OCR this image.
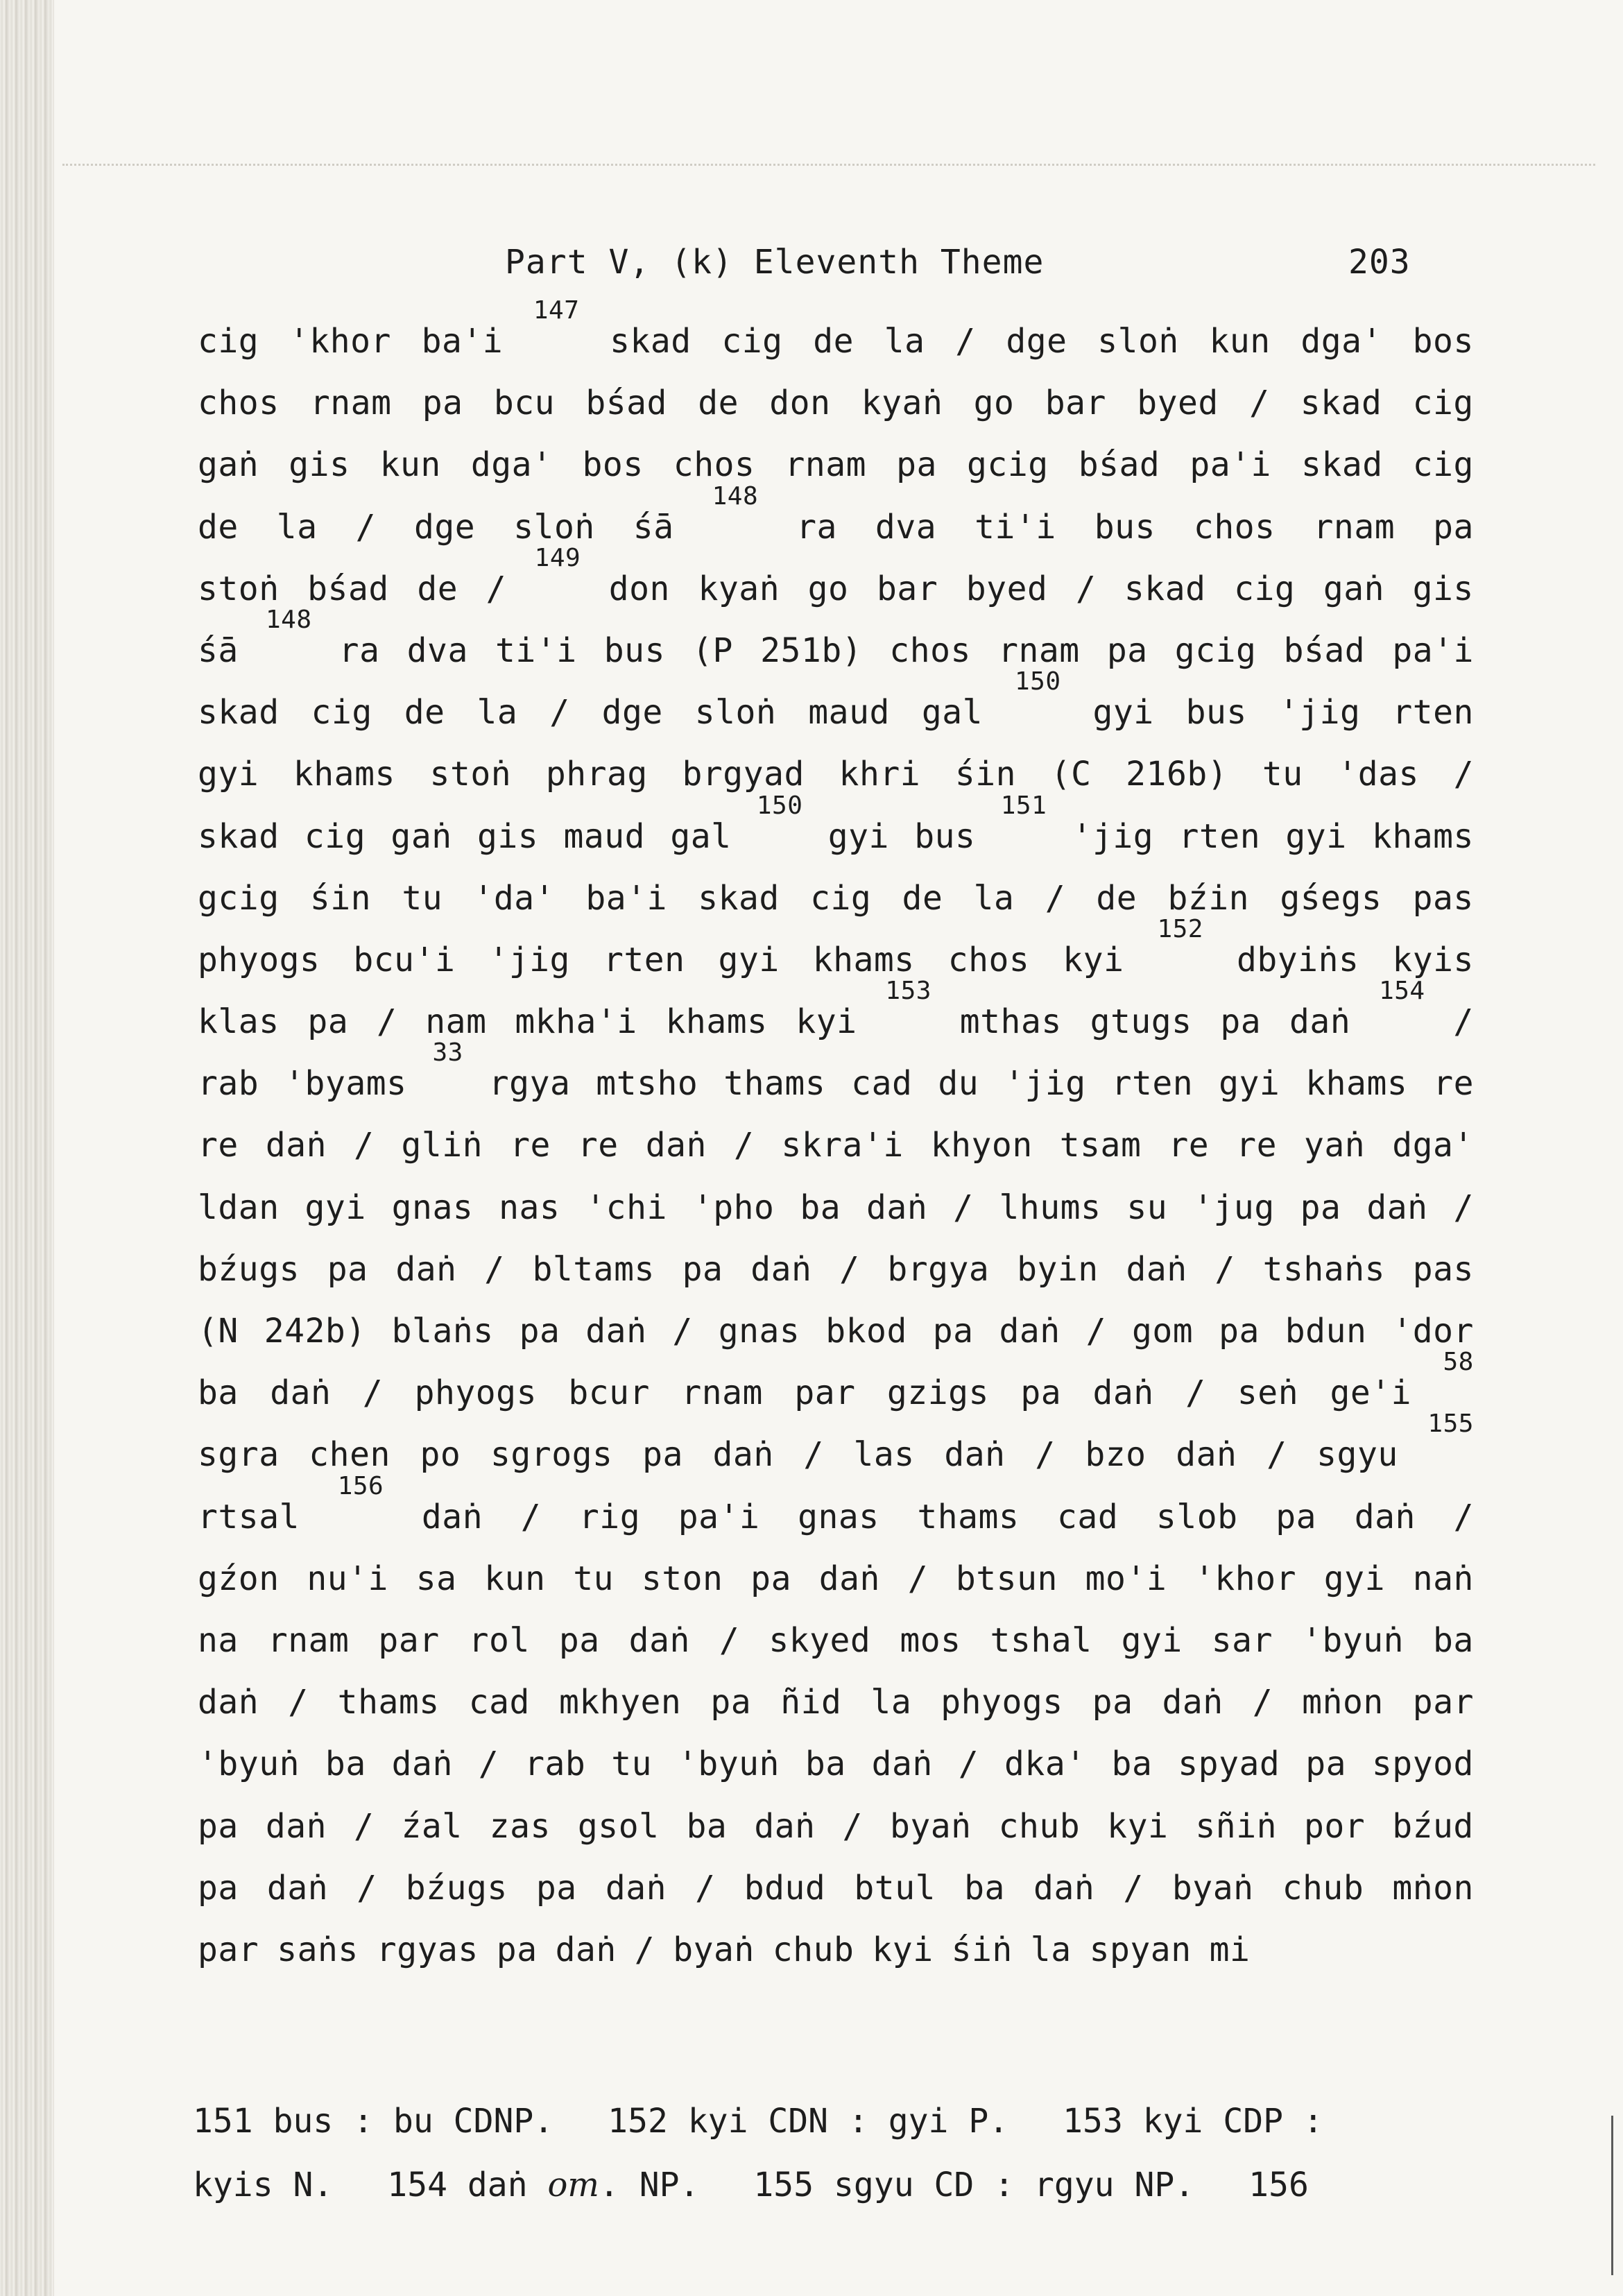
Part V, (k) Eleventh Theme	203
cig 'khor ba'i
147
skad cig de la / dge sloṅ kun dga' bos
chos rnam pa bcu bśad de don kyaṅ go bar byed / skad cig
gaṅ gis kun dga' bos chos rnam pa gcig bśad pa'i skad cig
de la / dge sloṅ śā
148
ra dva ti'i bus chos rnam pa
stoṅ bśad de /
149
don kyaṅ go bar byed / skad cig gaṅ gis
śā
148
ra dva ti'i bus (P 251b) chos rnam pa gcig bśad pa'i
skad cig de la / dge sloṅ maud gal
150
gyi bus 'jig rten
gyi khams stoṅ phrag brgyad khri śin (C 216b) tu 'das /
skad cig gaṅ gis maud gal
150
gyi bus
151
'jig rten gyi khams
gcig śin tu 'da' ba'i skad cig de la / de bźin gśegs pas
phyogs bcu'i 'jig rten gyi khams chos kyi
152
dbyiṅs kyis
klas pa / nam mkha'i khams kyi
153
mthas gtugs pa daṅ
154
/
rab 'byams
33
rgya mtsho thams cad du 'jig rten gyi khams re
re daṅ / gliṅ re re daṅ / skra'i khyon tsam re re yaṅ dga'
ldan gyi gnas nas 'chi 'pho ba daṅ / lhums su 'jug pa daṅ /
bźugs pa daṅ / bltams pa daṅ / brgya byin daṅ / tshaṅs pas
(N 242b) blaṅs pa daṅ / gnas bkod pa daṅ / gom pa bdun 'dor
ba daṅ / phyogs bcur rnam par gzigs pa daṅ / seṅ ge'i
58
sgra chen po sgrogs pa daṅ / las daṅ / bzo daṅ / sgyu
155
rtsal
156
daṅ / rig pa'i gnas thams cad slob pa daṅ /
gźon nu'i sa kun tu ston pa daṅ / btsun mo'i 'khor gyi naṅ
na rnam par rol pa daṅ / skyed mos tshal gyi sar 'byuṅ ba
daṅ / thams cad mkhyen pa ñid la phyogs pa daṅ / mṅon par
'byuṅ ba daṅ / rab tu 'byuṅ ba daṅ / dka' ba spyad pa spyod
pa daṅ / źal zas gsol ba daṅ / byaṅ chub kyi sñiṅ por bźud
pa daṅ / bźugs pa daṅ / bdud btul ba daṅ / byaṅ chub mṅon
par saṅs rgyas pa daṅ / byaṅ chub kyi śiṅ la spyan mi
151 bus : bu CDNP. 152 kyi CDN : gyi P. 153 kyi CDP :
kyis N. 154 daṅ om. NP. 155 sgyu CD : rgyu NP. 156
